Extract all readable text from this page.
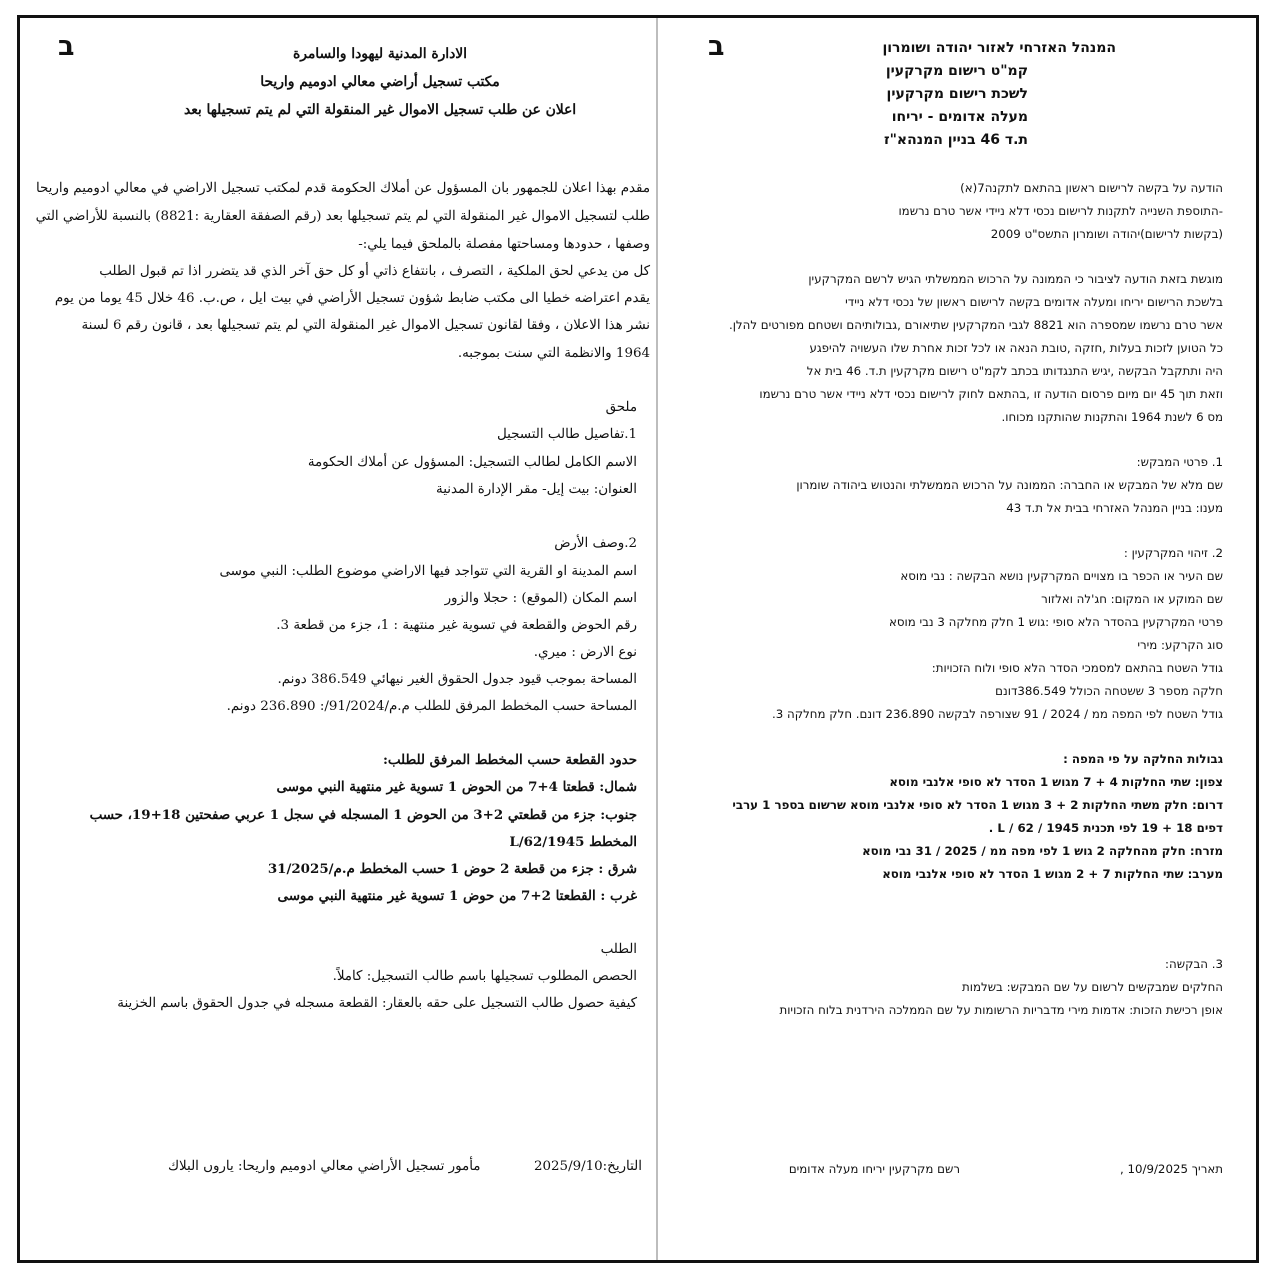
ב	الادارة المدنية ليهودا والسامرة
مكتب تسجيل أراضي معالي ادوميم واريحا
اعلان عن طلب تسجيل الاموال غير المنقولة التي لم يتم تسجيلها بعد
مقدم بهذا اعلان للجمهور بان المسؤول عن أملاك الحكومة قدم لمكتب تسجيل الاراضي في معالي ادوميم واريحا
طلب لتسجيل الاموال غير المنقولة التي لم يتم تسجيلها بعد (رقم الصفقة العقارية :8821) بالنسبة للأراضي التي
وصفها ، حدودها ومساحتها مفصلة بالملحق فيما يلي:-
كل من يدعي لحق الملكية ، التصرف ، بانتفاع ذاتي أو كل حق آخر الذي قد يتضرر اذا تم قبول الطلب
يقدم اعتراضه خطيا الى مكتب ضابط شؤون تسجيل الأراضي في بيت ايل ، ص.ب. 46 خلال 45 يوما من يوم
نشر هذا الاعلان ، وفقا لقانون تسجيل الاموال غير المنقولة التي لم يتم تسجيلها بعد ، قانون رقم 6 لسنة
1964 والانظمة التي سنت بموجبه.
ملحق
1.تفاصيل طالب التسجيل
الاسم الكامل لطالب التسجيل: المسؤول عن أملاك الحكومة
العنوان: بيت إيل- مقر الإدارة المدنية
2.وصف الأرض
اسم المدينة او القرية التي تتواجد فيها الاراضي موضوع الطلب: النبي موسى
اسم المكان (الموقع) : حجلا والزور
رقم الحوض والقطعة في تسوية غير منتهية : 1، جزء من قطعة 3.
نوع الارض : ميري.
المساحة بموجب قيود جدول الحقوق الغير نيهائي 386.549 دونم.
المساحة حسب المخطط المرفق للطلب م.م/91/2024/: 236.890 دونم.
حدود القطعة حسب المخطط المرفق للطلب:
شمال: قطعتا 4+7 من الحوض 1 تسوية غير منتهية النبي موسى
جنوب: جزء من قطعتي 2+3 من الحوض 1 المسجله في سجل 1 عربي صفحتين 18+19، حسب
المخطط L/62/1945
شرق : جزء من قطعة 2 حوض 1 حسب المخطط م.م/31/2025
غرب : القطعتا 2+7 من حوض 1 تسوية غير منتهية النبي موسى
الطلب
الحصص المطلوب تسجيلها باسم طالب التسجيل: كاملاً.
كيفية حصول طالب التسجيل على حقه بالعقار: القطعة مسجله في جدول الحقوق باسم الخزينة
التاريخ:2025/9/10
مأمور تسجيل الأراضي معالي ادوميم واريحا: ياروں البلاك
ב	המנהל האזרחי לאזור יהודה ושומרון
קמ"ט רישום מקרקעין
לשכת רישום מקרקעין
מעלה אדומים - יריחו
ת.ד 46 בניין המנהא"ז
הודעה על בקשה לרישום ראשון בהתאם לתקנה7(א)
-התוספת השנייה לתקנות לרישום נכסי דלא ניידי אשר טרם נרשמו
(בקשות לרישום)יהודה ושומרון התשס"ט 2009
מוגשת בזאת הודעה לציבור כי הממונה על הרכוש הממשלתי הגיש לרשם המקרקעין
בלשכת הרישום יריחו ומעלה אדומים בקשה לרישום ראשון של נכסי דלא ניידי
אשר טרם נרשמו שמספרה הוא 8821 לגבי המקרקעין שתיאורם ,גבולותיהם ושטחם מפורטים להלן.
כל הטוען לזכות בעלות ,חזקה ,טובת הנאה או לכל זכות אחרת שלו העשויה להיפגע
היה ותתקבל הבקשה ,יגיש התנגדותו בכתב לקמ"ט רישום מקרקעין ת.ד. 46 בית אל
וזאת תוך 45 יום מיום פרסום הודעה זו ,בהתאם לחוק לרישום נכסי דלא ניידי אשר טרם נרשמו
מס 6 לשנת 1964 והתקנות שהותקנו מכוחו.
1. פרטי המבקש:
שם מלא של המבקש או החברה: הממונה על הרכוש הממשלתי והנטוש ביהודה שומרון
מענו: בניין המנהל האזרחי בבית אל ת.ד 43
2. זיהוי המקרקעין :
שם העיר או הכפר בו מצויים המקרקעין נושא הבקשה : נבי מוסא
שם המוקע או המקום: חג'לה ואלזור
פרטי המקרקעין בהסדר הלא סופי :גוש 1 חלק מחלקה 3 נבי מוסא
סוג הקרקע: מירי
גודל השטח בהתאם למסמכי הסדר הלא סופי ולוח הזכויות:
חלקה מספר 3 ששטחה הכולל 386.549דונם
גודל השטח לפי המפה ממ / 2024 / 91 שצורפה לבקשה 236.890 דונם. חלק מחלקה 3.
גבולות החלקה על פי המפה :
צפון: שתי החלקות 4 + 7 מגוש 1 הסדר לא סופי אלנבי מוסא
דרום: חלק משתי החלקות 2 + 3 מגוש 1 הסדר לא סופי אלנבי מוסא שרשום בספר 1 ערבי
דפים 18 + 19 לפי תכנית 1945 / 62 / L .
מזרח: חלק מהחלקה 2 גוש 1 לפי מפה ממ / 2025 / 31 נבי מוסא
מערב: שתי החלקות 7 + 2 מגוש 1 הסדר לא סופי אלנבי מוסא
3. הבקשה:
החלקים שמבקשים לרשום על שם המבקש: בשלמות
אופן רכישת הזכות: אדמות מירי מדבריות הרשומות על שם הממלכה הירדנית בלוח הזכויות
תאריך 10/9/2025 ,
רשם מקרקעין יריחו מעלה אדומים
